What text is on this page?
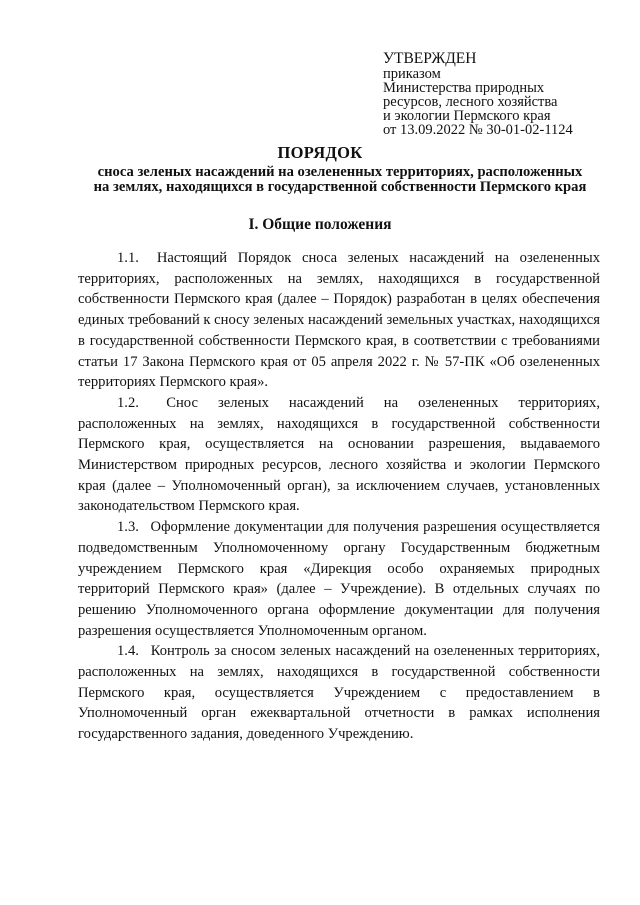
УТВЕРЖДЕН
приказом
Министерства природных
ресурсов, лесного хозяйства
и экологии Пермского края
от 13.09.2022 № 30-01-02-1124
ПОРЯДОК
сноса зеленых насаждений на озелененных территориях, расположенных
на землях, находящихся в государственной собственности Пермского края
I. Общие положения

1.1.   Настоящий Порядок сноса зеленых насаждений на озелененных территориях, расположенных на землях, находящихся в государственной собственности Пермского края (далее – Порядок) разработан в целях обеспечения единых требований к сносу зеленых насаждений земельных участках, находящихся в государственной собственности Пермского края, в соответствии с требованиями статьи 17 Закона Пермского края от 05 апреля 2022 г. № 57-ПК «Об озелененных территориях Пермского края».

1.2.   Снос зеленых насаждений на озелененных территориях, расположенных на землях, находящихся в государственной собственности Пермского края, осуществляется на основании разрешения, выдаваемого Министерством природных ресурсов, лесного хозяйства и экологии Пермского края (далее – Уполномоченный орган), за исключением случаев, установленных законодательством Пермского края.

1.3.   Оформление документации для получения разрешения осуществляется подведомственным Уполномоченному органу Государственным бюджетным учреждением Пермского края «Дирекция особо охраняемых природных территорий Пермского края» (далее – Учреждение). В отдельных случаях по решению Уполномоченного органа оформление документации для получения разрешения осуществляется Уполномоченным органом.

1.4.   Контроль за сносом зеленых насаждений на озелененных территориях, расположенных на землях, находящихся в государственной собственности Пермского края, осуществляется Учреждением с предоставлением в Уполномоченный орган ежеквартальной отчетности в рамках исполнения государственного задания, доведенного Учреждению.
